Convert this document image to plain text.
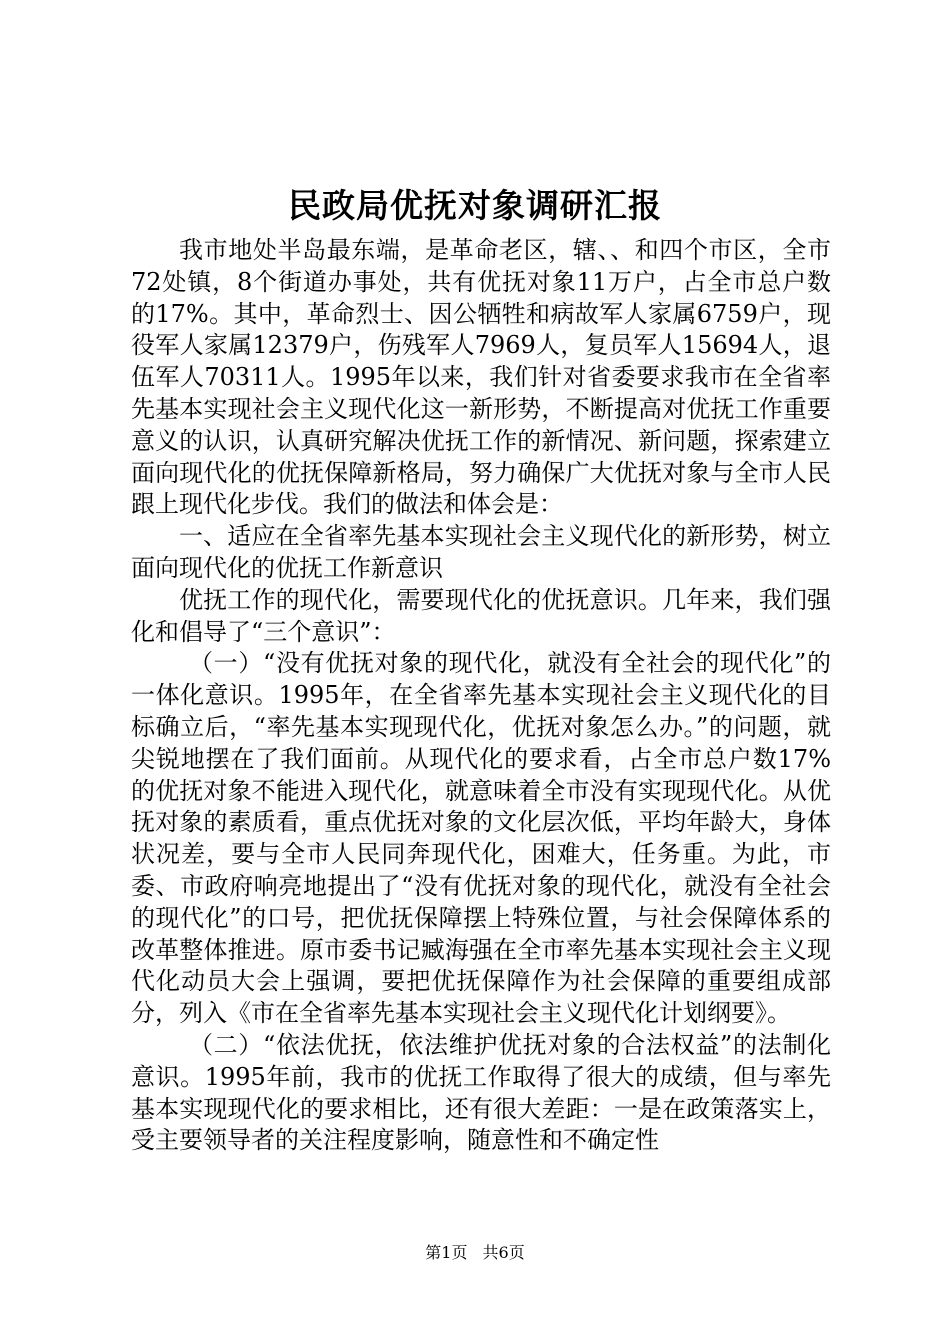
民政局优抚对象调研汇报

我市地处半岛最东端，是革命老区，辖、、和四个市区，全市72处镇，8个街道办事处，共有优抚对象11万户，占全市总户数的17%。其中，革命烈士、因公牺牲和病故军人家属6759户，现役军人家属12379户，伤残军人7969人，复员军人15694人，退伍军人70311人。1995年以来，我们针对省委要求我市在全省率先基本实现社会主义现代化这一新形势，不断提高对优抚工作重要意义的认识，认真研究解决优抚工作的新情况、新问题，探索建立面向现代化的优抚保障新格局，努力确保广大优抚对象与全市人民跟上现代化步伐。我们的做法和体会是：

一、适应在全省率先基本实现社会主义现代化的新形势，树立面向现代化的优抚工作新意识

优抚工作的现代化，需要现代化的优抚意识。几年来，我们强化和倡导了“三个意识”：

（一）“没有优抚对象的现代化，就没有全社会的现代化”的一体化意识。1995年，在全省率先基本实现社会主义现代化的目标确立后，“率先基本实现现代化，优抚对象怎么办。”的问题，就尖锐地摆在了我们面前。从现代化的要求看，占全市总户数17%的优抚对象不能进入现代化，就意味着全市没有实现现代化。从优抚对象的素质看，重点优抚对象的文化层次低，平均年龄大，身体状况差，要与全市人民同奔现代化，困难大，任务重。为此，市委、市政府响亮地提出了“没有优抚对象的现代化，就没有全社会的现代化”的口号，把优抚保障摆上特殊位置，与社会保障体系的改革整体推进。原市委书记臧海强在全市率先基本实现社会主义现代化动员大会上强调，要把优抚保障作为社会保障的重要组成部分，列入《市在全省率先基本实现社会主义现代化计划纲要》。

（二）“依法优抚，依法维护优抚对象的合法权益”的法制化意识。1995年前，我市的优抚工作取得了很大的成绩，但与率先基本实现现代化的要求相比，还有很大差距：一是在政策落实上，受主要领导者的关注程度影响，随意性和不确定性

第1页 共6页
